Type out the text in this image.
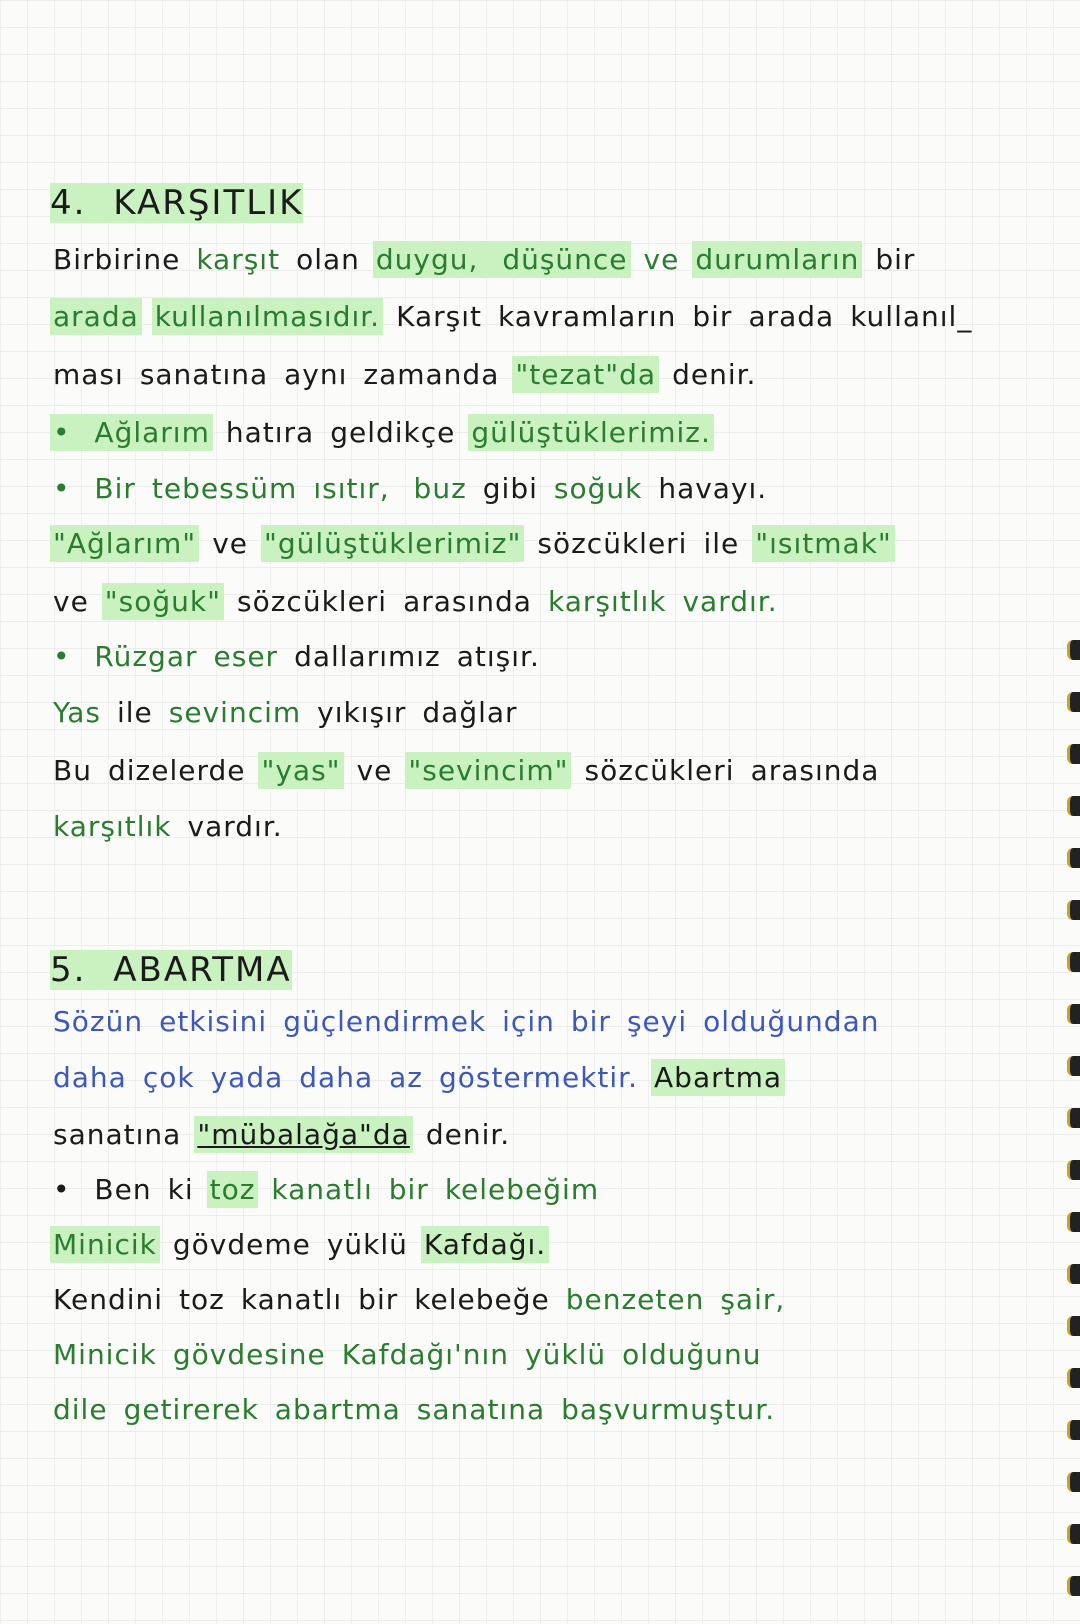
4. KARŞITLIK
Birbirine karşıt olan duygu, düşünce ve durumların bir
arada kullanılmasıdır. Karşıt kavramların bir arada kullanıl_
ması sanatına aynı zamanda "tezat"da denir.
• Ağlarım hatıra geldikçe gülüştüklerimiz.
• Bir tebessüm ısıtır, buz gibi soğuk havayı.
"Ağlarım" ve "gülüştüklerimiz" sözcükleri ile "ısıtmak"
ve "soğuk" sözcükleri arasında karşıtlık vardır.
• Rüzgar eser dallarımız atışır.
Yas ile sevincim yıkışır dağlar
Bu dizelerde "yas" ve "sevincim" sözcükleri arasında
karşıtlık vardır.
5. ABARTMA
Sözün etkisini güçlendirmek için bir şeyi olduğundan
daha çok yada daha az göstermektir. Abartma
sanatına "mübalağa"da denir.
• Ben ki toz kanatlı bir kelebeğim
Minicik gövdeme yüklü Kafdağı.
Kendini toz kanatlı bir kelebeğe benzeten şair,
Minicik gövdesine Kafdağı'nın yüklü olduğunu
dile getirerek abartma sanatına başvurmuştur.
